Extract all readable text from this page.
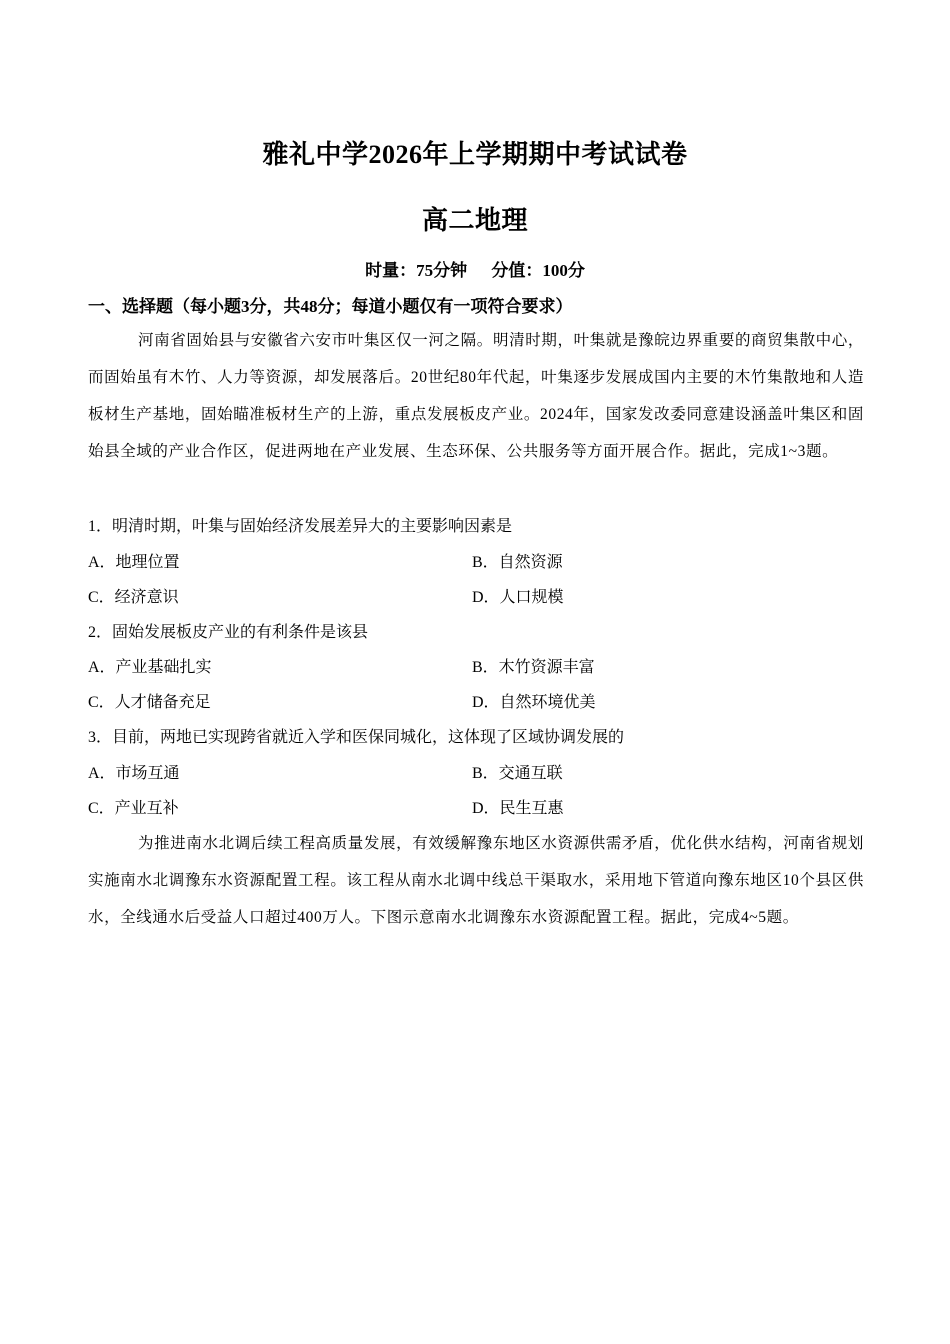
雅礼中学2026年上学期期中考试试卷
高二地理
时量：75分钟 分值：100分
一、选择题（每小题3分，共48分；每道小题仅有一项符合要求）
河南省固始县与安徽省六安市叶集区仅一河之隔。明清时期，叶集就是豫皖边界重要的商贸集散中心，而固始虽有木竹、人力等资源，却发展落后。20世纪80年代起，叶集逐步发展成国内主要的木竹集散地和人造板材生产基地，固始瞄准板材生产的上游，重点发展板皮产业。2024年，国家发改委同意建设涵盖叶集区和固始县全域的产业合作区，促进两地在产业发展、生态环保、公共服务等方面开展合作。据此，完成1~3题。
1．明清时期，叶集与固始经济发展差异大的主要影响因素是
A．地理位置	B．自然资源
C．经济意识	D．人口规模
2．固始发展板皮产业的有利条件是该县
A．产业基础扎实	B．木竹资源丰富
C．人才储备充足	D．自然环境优美
3．目前，两地已实现跨省就近入学和医保同城化，这体现了区域协调发展的
A．市场互通	B．交通互联
C．产业互补	D．民生互惠
为推进南水北调后续工程高质量发展，有效缓解豫东地区水资源供需矛盾，优化供水结构，河南省规划实施南水北调豫东水资源配置工程。该工程从南水北调中线总干渠取水，采用地下管道向豫东地区10个县区供水，全线通水后受益人口超过400万人。下图示意南水北调豫东水资源配置工程。据此，完成4~5题。
